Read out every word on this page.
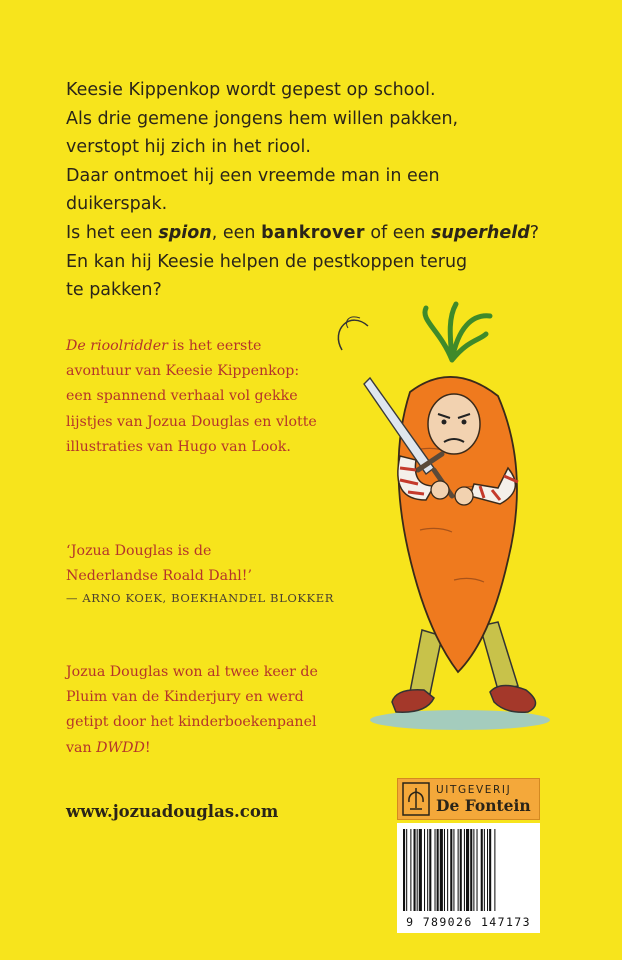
Keesie Kippenkop wordt gepest op school.
Als drie gemene jongens hem willen pakken,
verstopt hij zich in het riool.
Daar ontmoet hij een vreemde man in een
duikerspak.
Is het een spion, een bankrover of een superheld?
En kan hij Keesie helpen de pestkoppen terug
te pakken?
De rioolridder is het eerste
avontuur van Keesie Kippenkop:
een spannend verhaal vol gekke
lijstjes van Jozua Douglas en vlotte
illustraties van Hugo van Look.
‘Jozua Douglas is de
Nederlandse Roald Dahl!’
— ARNO KOEK, BOEKHANDEL BLOKKER
Jozua Douglas won al twee keer de
Pluim van de Kinderjury en werd
getipt door het kinderboekenpanel
van DWDD!
www.jozuadouglas.com
UITGEVERIJ
De Fontein
9 789026 147173
